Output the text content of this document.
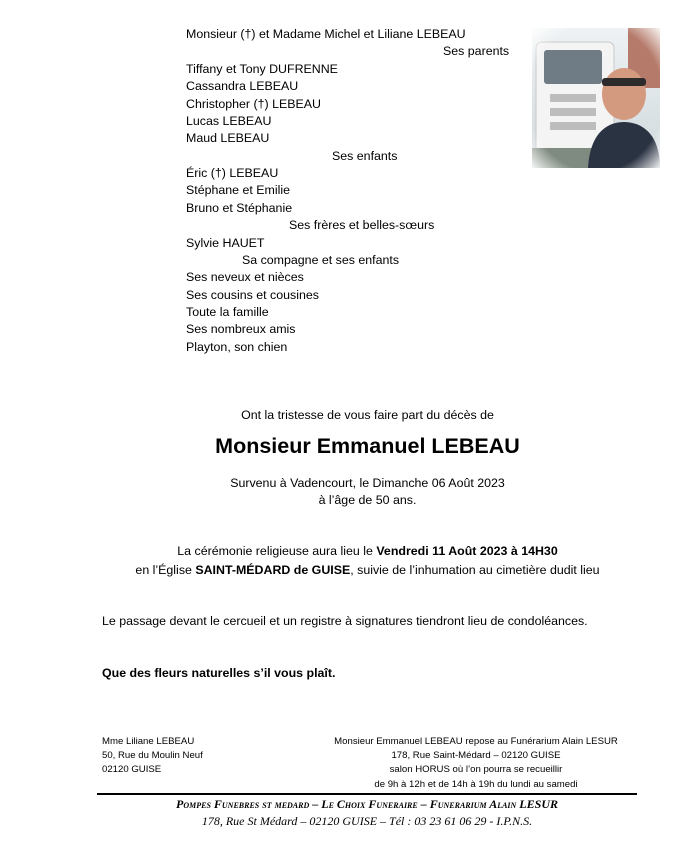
Monsieur (†) et Madame Michel et Liliane LEBEAU
Ses parents
Tiffany et Tony DUFRENNE
Cassandra LEBEAU
Christopher (†) LEBEAU
Lucas LEBEAU
Maud LEBEAU
Ses enfants
Éric (†) LEBEAU
Stéphane et Emilie
Bruno et Stéphanie
Ses frères et belles-sœurs
Sylvie HAUET
Sa compagne et ses enfants
Ses neveux et nièces
Ses cousins et cousines
Toute la famille
Ses nombreux amis
Playton, son chien
Ont la tristesse de vous faire part du décès de
Monsieur Emmanuel LEBEAU
Survenu à Vadencourt, le Dimanche 06 Août 2023
à l’âge de 50 ans.
La cérémonie religieuse aura lieu le Vendredi 11 Août 2023 à 14H30
en l’Église SAINT-MÉDARD de GUISE, suivie de l’inhumation au cimetière dudit lieu
Le passage devant le cercueil et un registre à signatures tiendront lieu de condoléances.
Que des fleurs naturelles s’il vous plaît.
Mme Liliane LEBEAU
50, Rue du Moulin Neuf
02120 GUISE
Monsieur Emmanuel LEBEAU repose au Funérarium Alain LESUR
178, Rue Saint-Médard – 02120 GUISE
salon HORUS où l’on pourra se recueillir
de 9h à 12h et de 14h à 19h du lundi au samedi
Pompes Funebres st medard – Le Choix Funeraire – Funerarium Alain LESUR
178, Rue St Médard – 02120 GUISE – Tél : 03 23 61 06 29 - I.P.N.S.
